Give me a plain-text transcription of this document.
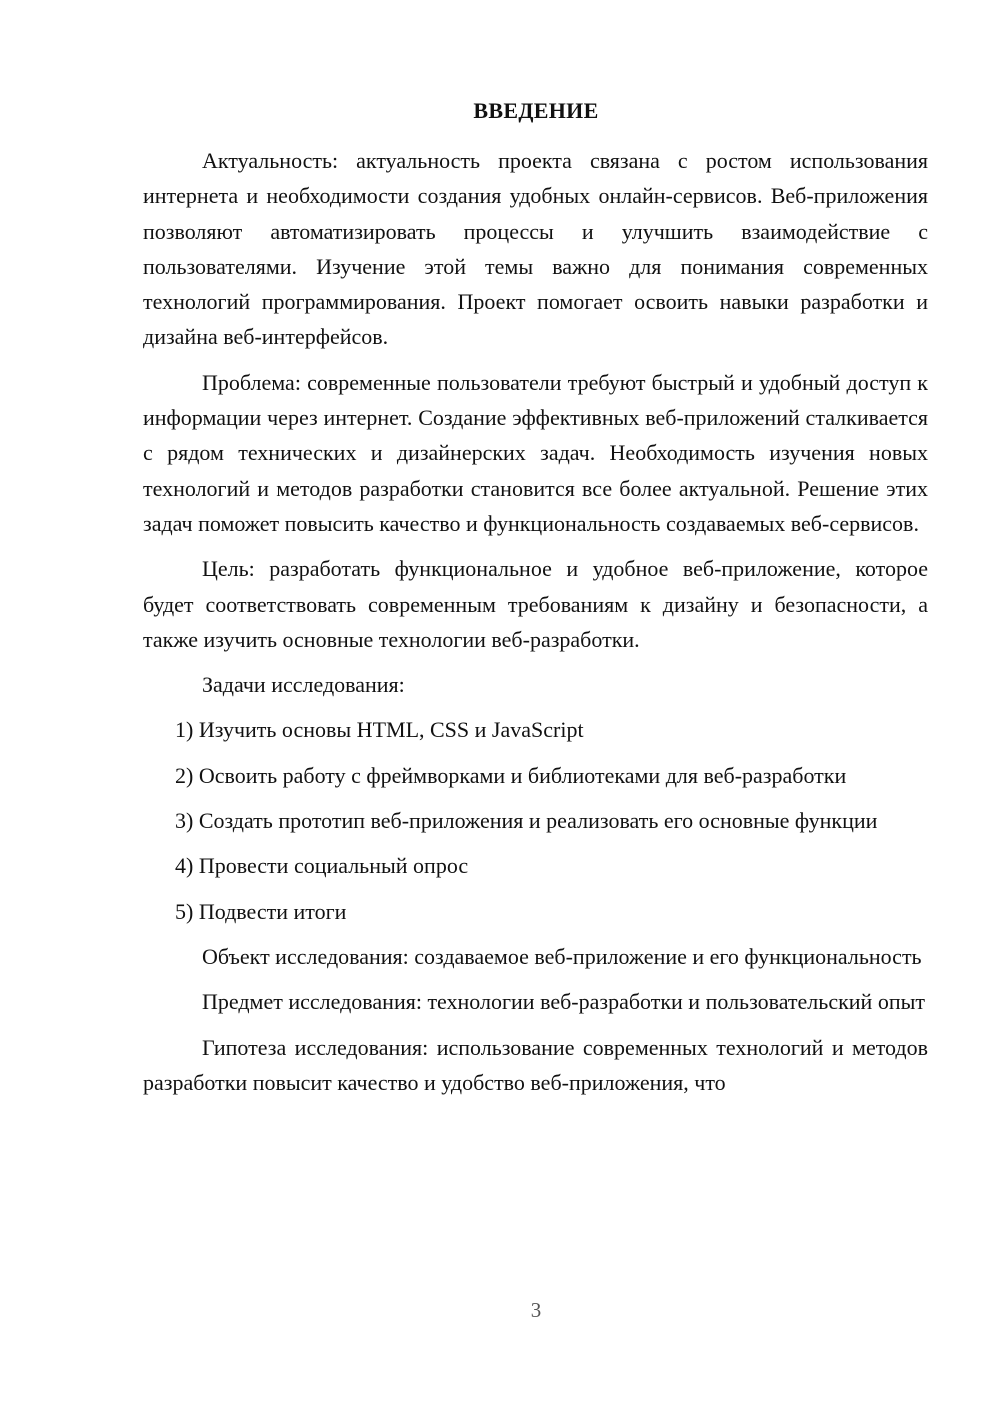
ВВЕДЕНИЕ

Актуальность: актуальность проекта связана с ростом использования интернета и необходимости создания удобных онлайн-сервисов. Веб-приложения позволяют автоматизировать процессы и улучшить взаимодействие с пользователями. Изучение этой темы важно для понимания современных технологий программирования. Проект помогает освоить навыки разработки и дизайна веб-интерфейсов.

Проблема: современные пользователи требуют быстрый и удобный доступ к информации через интернет. Создание эффективных веб-приложений сталкивается с рядом технических и дизайнерских задач. Необходимость изучения новых технологий и методов разработки становится все более актуальной. Решение этих задач поможет повысить качество и функциональность создаваемых веб-сервисов.

Цель: разработать функциональное и удобное веб-приложение, которое будет соответствовать современным требованиям к дизайну и безопасности, а также изучить основные технологии веб-разработки.

Задачи исследования:

1) Изучить основы HTML, CSS и JavaScript

2) Освоить работу с фреймворками и библиотеками для веб-разработки

3) Создать прототип веб-приложения и реализовать его основные функции

4) Провести социальный опрос

5) Подвести итоги

Объект исследования: создаваемое веб-приложение и его функциональность

Предмет исследования: технологии веб-разработки и пользовательский опыт

Гипотеза исследования: использование современных технологий и методов разработки повысит качество и удобство веб-приложения, что

3
